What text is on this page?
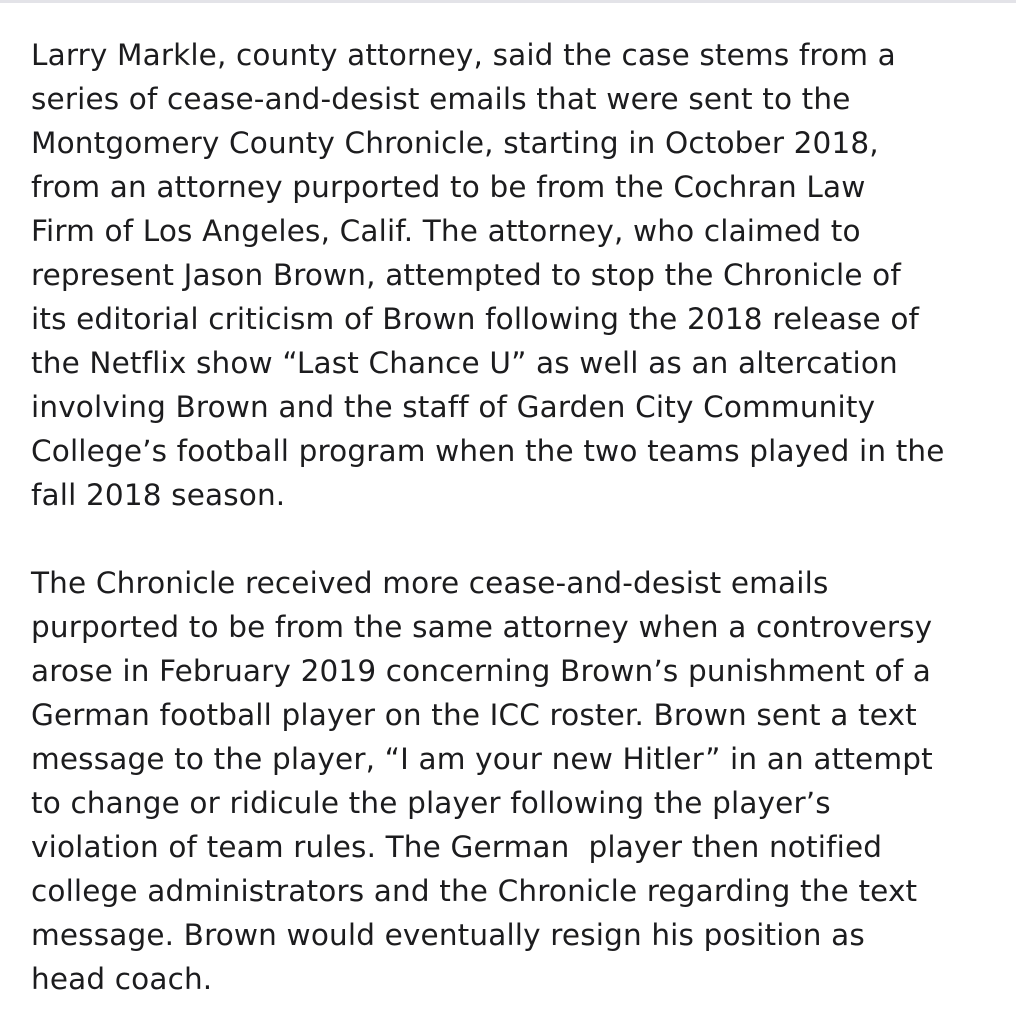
Larry Markle, county attorney, said the case stems from a
series of cease-and-desist emails that were sent to the
Montgomery County Chronicle, starting in October 2018,
from an attorney purported to be from the Cochran Law
Firm of Los Angeles, Calif. The attorney, who claimed to
represent Jason Brown, attempted to stop the Chronicle of
its editorial criticism of Brown following the 2018 release of
the Netflix show “Last Chance U” as well as an altercation
involving Brown and the staff of Garden City Community
College’s football program when the two teams played in the
fall 2018 season.
The Chronicle received more cease-and-desist emails
purported to be from the same attorney when a controversy
arose in February 2019 concerning Brown’s punishment of a
German football player on the ICC roster. Brown sent a text
message to the player, “I am your new Hitler” in an attempt
to change or ridicule the player following the player’s
violation of team rules. The German  player then notified
college administrators and the Chronicle regarding the text
message. Brown would eventually resign his position as
head coach.
